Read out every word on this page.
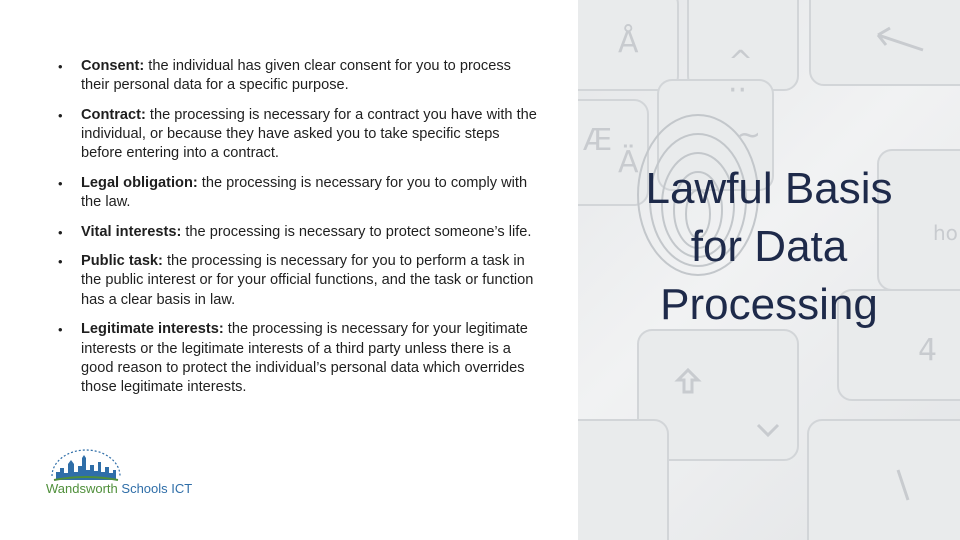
•	Consent: the individual has given clear consent for you to process their personal data for a specific purpose.
•	Contract: the processing is necessary for a contract you have with the individual, or because they have asked you to take specific steps before entering into a contract.
•	Legal obligation: the processing is necessary for you to comply with the law.
•	Vital interests: the processing is necessary to protect someone’s life.
•	Public task: the processing is necessary for you to perform a task in the public interest or for your official functions, and the task or function has a clear basis in law.
•	Legitimate interests: the processing is necessary for your legitimate interests or the legitimate interests of a third party unless there is a good reason to protect the individual’s personal data which overrides those legitimate interests.
Wandsworth Schools ICT
Å
^
··
~
Æ
Ä
4
ho
Lawful Basis
for Data
Processing
